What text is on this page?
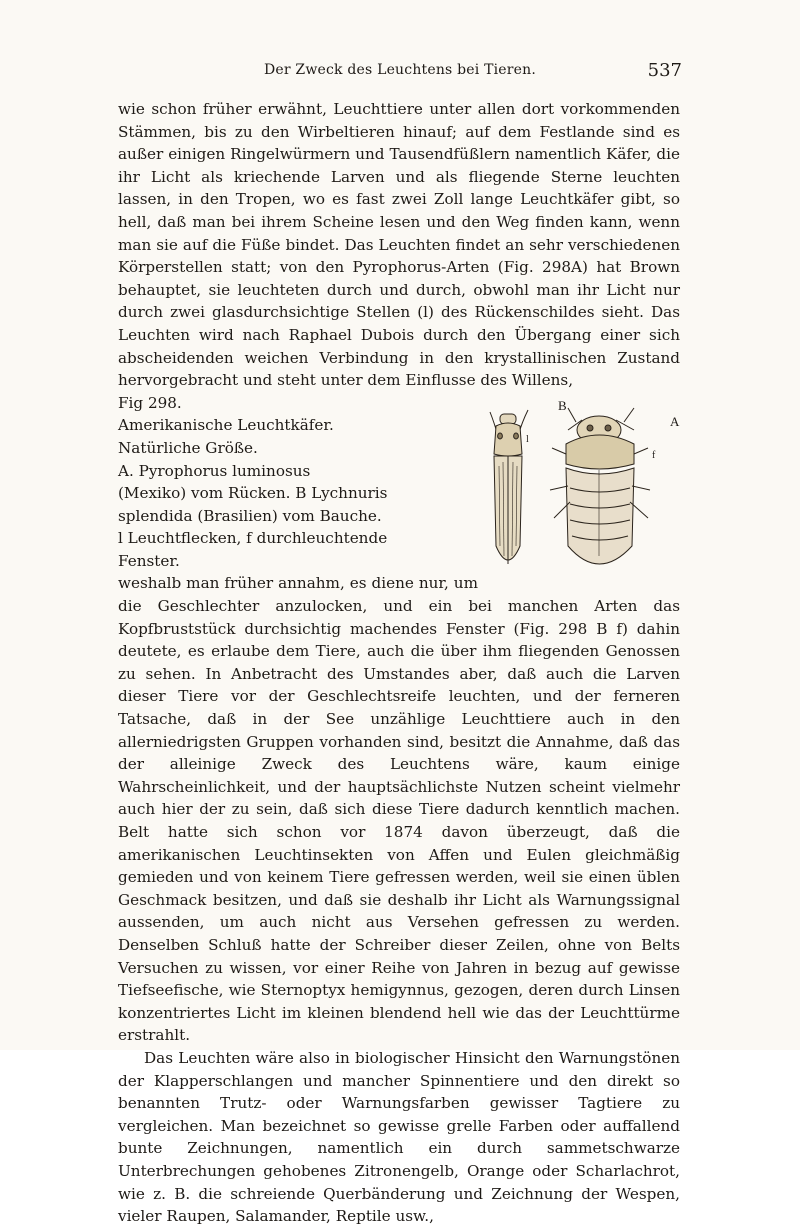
Der Zweck des Leuchtens bei Tieren.	537

wie schon früher erwähnt, Leuchttiere unter allen dort vorkommenden Stämmen, bis zu den Wirbeltieren hinauf; auf dem Festlande sind es außer einigen Ringelwürmern und Tausendfüßlern namentlich Käfer, die ihr Licht als kriechende Larven und als fliegende Sterne leuchten lassen, in den Tropen, wo es fast zwei Zoll lange Leuchtkäfer gibt, so hell, daß man bei ihrem Scheine lesen und den Weg finden kann, wenn man sie auf die Füße bindet. Das Leuchten findet an sehr verschiedenen Körperstellen statt; von den Pyrophorus-Arten (Fig. 298A) hat Brown behauptet, sie leuchteten durch und durch, obwohl man ihr Licht nur durch zwei glasdurchsichtige Stellen (l) des Rückenschildes sieht. Das Leuchten wird nach Raphael Dubois durch den Übergang einer sich abscheidenden weichen Verbindung in den krystallinischen Zustand hervorgebracht und steht unter dem Einflusse des Willens,
A
B
l
f

Fig 298.
Amerikanische Leuchtkäfer.
Natürliche Größe.
A. Pyrophorus luminosus
(Mexiko) vom Rücken. B Lychnuris
splendida (Brasilien) vom Bauche.
l Leuchtflecken, f durchleuchtende
Fenster.
weshalb man früher annahm, es diene nur, um die Geschlechter anzulocken, und ein bei manchen Arten das Kopfbruststück durchsichtig machendes Fenster (Fig. 298 B f) dahin deutete, es erlaube dem Tiere, auch die über ihm fliegenden Genossen zu sehen. In Anbetracht des Umstandes aber, daß auch die Larven dieser Tiere vor der Geschlechtsreife leuchten, und der ferneren Tatsache, daß in der See unzählige Leuchttiere auch in den allerniedrigsten Gruppen vorhanden sind, besitzt die Annahme, daß das der alleinige Zweck des Leuchtens wäre, kaum einige Wahrscheinlichkeit, und der hauptsächlichste Nutzen scheint vielmehr auch hier der zu sein, daß sich diese Tiere dadurch kenntlich machen. Belt hatte sich schon vor 1874 davon überzeugt, daß die amerikanischen Leuchtinsekten von Affen und Eulen gleichmäßig gemieden und von keinem Tiere gefressen werden, weil sie einen üblen Geschmack besitzen, und daß sie deshalb ihr Licht als Warnungssignal aussenden, um auch nicht aus Versehen gefressen zu werden. Denselben Schluß hatte der Schreiber dieser Zeilen, ohne von Belts Versuchen zu wissen, vor einer Reihe von Jahren in bezug auf gewisse Tiefseefische, wie Sternoptyx hemigynnus, gezogen, deren durch Linsen konzentriertes Licht im kleinen blendend hell wie das der Leuchttürme erstrahlt.

Das Leuchten wäre also in biologischer Hinsicht den Warnungstönen der Klapperschlangen und mancher Spinnentiere und den direkt so benannten Trutz- oder Warnungsfarben gewisser Tagtiere zu vergleichen. Man bezeichnet so gewisse grelle Farben oder auffallend bunte Zeichnungen, namentlich ein durch sammetschwarze Unterbrechungen gehobenes Zitronengelb, Orange oder Scharlachrot, wie z. B. die schreiende Querbänderung und Zeichnung der Wespen, vieler Raupen, Salamander, Reptile usw.,
